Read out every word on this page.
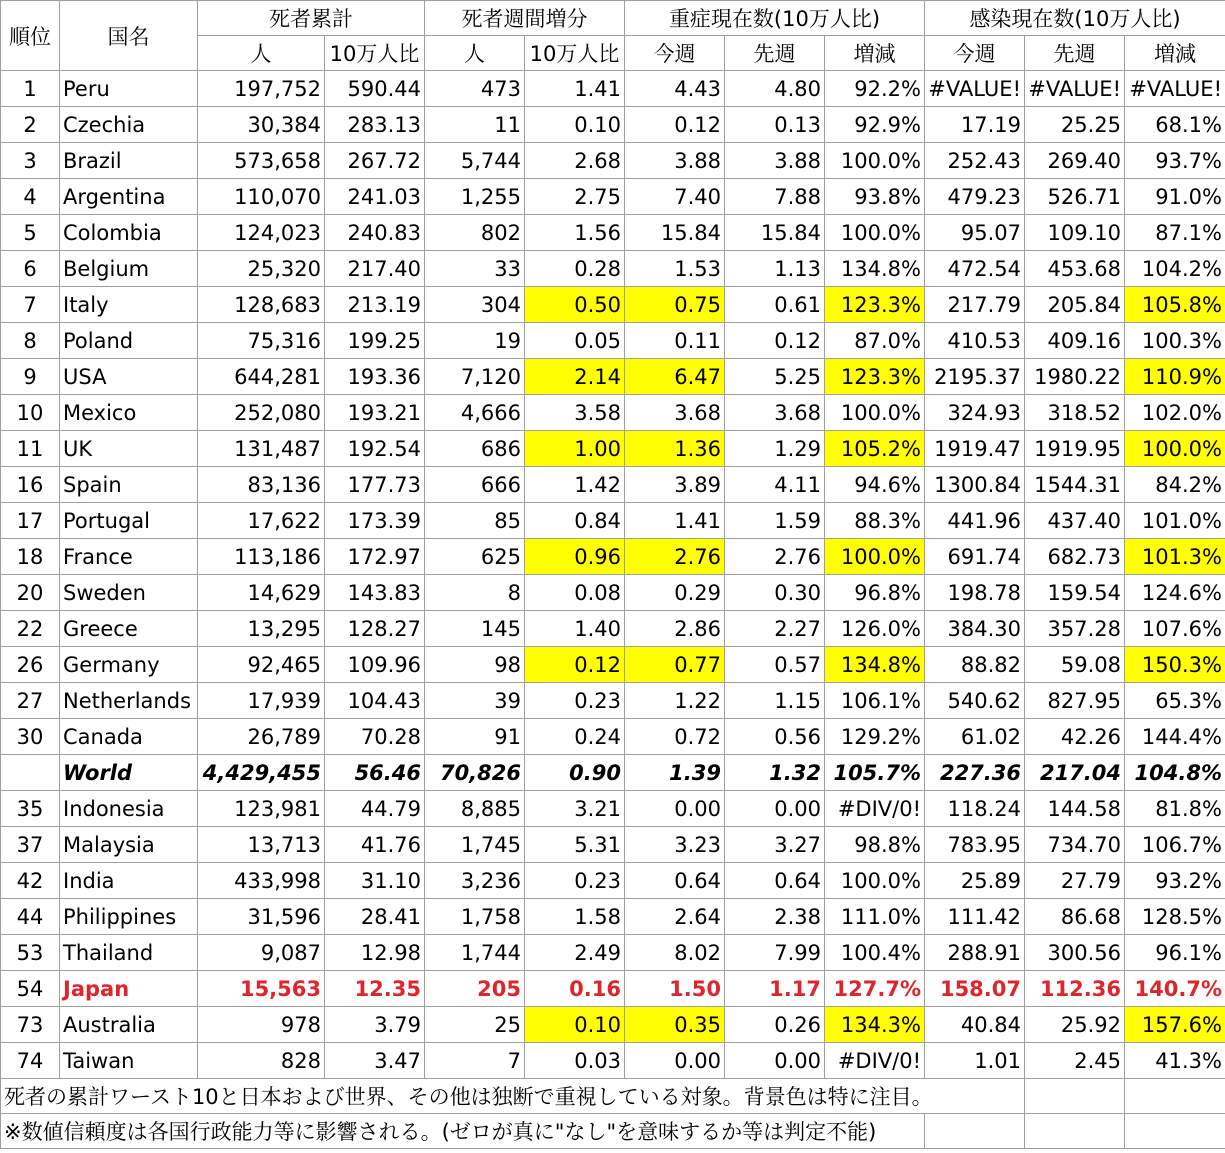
順位	国名	死者累計		死者週間増分		重症現在数(10万人比)			感染現在数(10万人比)		
		人	10万人比	人	10万人比	今週	先週	増減	今週	先週	増減
1	Peru	197,752	590.44	473	1.41	4.43	4.80	92.2%	#VALUE!	#VALUE!	#VALUE!
2	Czechia	30,384	283.13	11	0.10	0.12	0.13	92.9%	17.19	25.25	68.1%
3	Brazil	573,658	267.72	5,744	2.68	3.88	3.88	100.0%	252.43	269.40	93.7%
4	Argentina	110,070	241.03	1,255	2.75	7.40	7.88	93.8%	479.23	526.71	91.0%
5	Colombia	124,023	240.83	802	1.56	15.84	15.84	100.0%	95.07	109.10	87.1%
6	Belgium	25,320	217.40	33	0.28	1.53	1.13	134.8%	472.54	453.68	104.2%
7	Italy	128,683	213.19	304	0.50	0.75	0.61	123.3%	217.79	205.84	105.8%
8	Poland	75,316	199.25	19	0.05	0.11	0.12	87.0%	410.53	409.16	100.3%
9	USA	644,281	193.36	7,120	2.14	6.47	5.25	123.3%	2195.37	1980.22	110.9%
10	Mexico	252,080	193.21	4,666	3.58	3.68	3.68	100.0%	324.93	318.52	102.0%
11	UK	131,487	192.54	686	1.00	1.36	1.29	105.2%	1919.47	1919.95	100.0%
16	Spain	83,136	177.73	666	1.42	3.89	4.11	94.6%	1300.84	1544.31	84.2%
17	Portugal	17,622	173.39	85	0.84	1.41	1.59	88.3%	441.96	437.40	101.0%
18	France	113,186	172.97	625	0.96	2.76	2.76	100.0%	691.74	682.73	101.3%
20	Sweden	14,629	143.83	8	0.08	0.29	0.30	96.8%	198.78	159.54	124.6%
22	Greece	13,295	128.27	145	1.40	2.86	2.27	126.0%	384.30	357.28	107.6%
26	Germany	92,465	109.96	98	0.12	0.77	0.57	134.8%	88.82	59.08	150.3%
27	Netherlands	17,939	104.43	39	0.23	1.22	1.15	106.1%	540.62	827.95	65.3%
30	Canada	26,789	70.28	91	0.24	0.72	0.56	129.2%	61.02	42.26	144.4%
	World	4,429,455	56.46	70,826	0.90	1.39	1.32	105.7%	227.36	217.04	104.8%
35	Indonesia	123,981	44.79	8,885	3.21	0.00	0.00	#DIV/0!	118.24	144.58	81.8%
37	Malaysia	13,713	41.76	1,745	5.31	3.23	3.27	98.8%	783.95	734.70	106.7%
42	India	433,998	31.10	3,236	0.23	0.64	0.64	100.0%	25.89	27.79	93.2%
44	Philippines	31,596	28.41	1,758	1.58	2.64	2.38	111.0%	111.42	86.68	128.5%
53	Thailand	9,087	12.98	1,744	2.49	8.02	7.99	100.4%	288.91	300.56	96.1%
54	Japan	15,563	12.35	205	0.16	1.50	1.17	127.7%	158.07	112.36	140.7%
73	Australia	978	3.79	25	0.10	0.35	0.26	134.3%	40.84	25.92	157.6%
74	Taiwan	828	3.47	7	0.03	0.00	0.00	#DIV/0!	1.01	2.45	41.3%
死者の累計ワースト10と日本および世界、その他は独断で重視している対象。背景色は特に注目。											
※数値信頼度は各国行政能力等に影響される。(ゼロが真に"なし"を意味するか等は判定不能)											
